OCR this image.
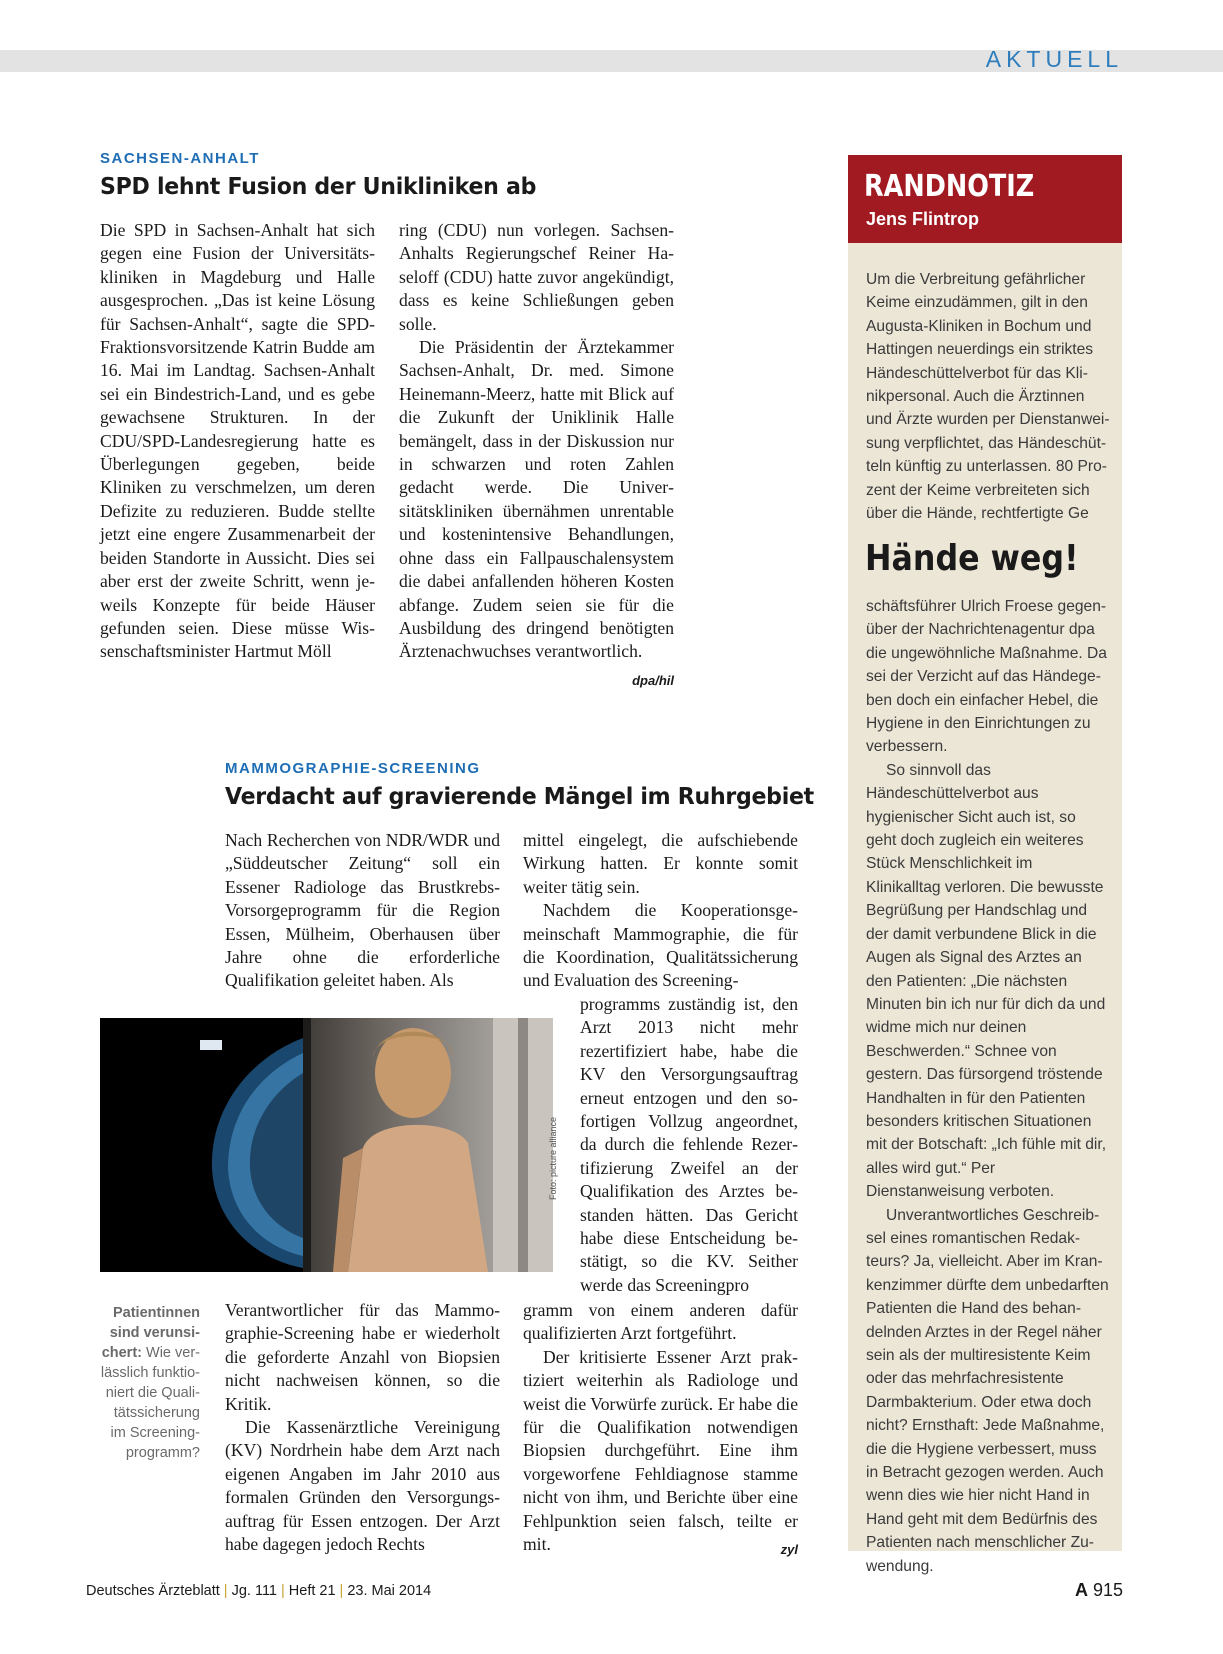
AKTUELL
SACHSEN-ANHALT
SPD lehnt Fusion der Unikliniken ab

Die SPD in Sachsen-Anhalt hat sich gegen eine Fusion der Universitätskliniken in Magdeburg und Halle ausgesprochen. „Das ist keine Lösung für Sachsen-Anhalt“, sagte die SPD-Fraktionsvorsitzende Katrin Budde am 16. Mai im Landtag. Sachsen-Anhalt sei ein Bindestrich-Land, und es gebe gewachsene Strukturen. In der CDU/SPD-Landesregierung hatte es Überlegungen gegeben, beide Kliniken zu verschmelzen, um deren Defizite zu reduzieren. Budde stellte jetzt eine engere Zusammenarbeit der beiden Standorte in Aussicht. Dies sei aber erst der zweite Schritt, wenn jeweils Konzepte für beide Häuser gefunden seien. Diese müsse Wissenschaftsminister Hartmut Möll

ring (CDU) nun vorlegen. Sachsen-Anhalts Regierungschef Reiner Haseloff (CDU) hatte zuvor angekündigt, dass es keine Schließungen geben solle.

Die Präsidentin der Ärztekammer Sachsen-Anhalt, Dr. med. Simone Heinemann-Meerz, hatte mit Blick auf die Zukunft der Uniklinik Halle bemängelt, dass in der Diskussion nur in schwarzen und roten Zahlen gedacht werde. Die Universitätskliniken übernähmen unrentable und kostenintensive Behandlungen, ohne dass ein Fallpauschalensystem die dabei anfallenden höheren Kosten abfange. Zudem seien sie für die Ausbildung des dringend benötigten Ärztenachwuchses verantwortlich.
dpa/hil

MAMMOGRAPHIE-SCREENING
Verdacht auf gravierende Mängel im Ruhrgebiet

Nach Recherchen von NDR/WDR und „Süddeutscher Zeitung“ soll ein Essener Radiologe das Brustkrebs-Vorsorgeprogramm für die Region Essen, Mülheim, Oberhausen über Jahre ohne die erforderliche Qualifikation geleitet haben. Als

mittel eingelegt, die aufschiebende Wirkung hatten. Er konnte somit weiter tätig sein.

Nachdem die Kooperationsgemeinschaft Mammographie, die für die Koordination, Qualitätssicherung und Evaluation des Screening-

programms zuständig ist, den Arzt 2013 nicht mehr rezertifiziert habe, habe die KV den Versorgungsauftrag erneut entzogen und den sofortigen Vollzug angeordnet, da durch die fehlende Rezertifizierung Zweifel an der Qualifikation des Arztes bestanden hätten. Das Gericht habe diese Entscheidung bestätigt, so die KV. Seither werde das Screeningpro

Foto: picture alliance
Patientinnen sind verunsichert: Wie verlässlich funktioniert die Qualitätssicherung im Screeningprogramm?

Verantwortlicher für das Mammographie-Screening habe er wiederholt die geforderte Anzahl von Biopsien nicht nachweisen können, so die Kritik.

Die Kassenärztliche Vereinigung (KV) Nordrhein habe dem Arzt nach eigenen Angaben im Jahr 2010 aus formalen Gründen den Versorgungsauftrag für Essen entzogen. Der Arzt habe dagegen jedoch Rechts

gramm von einem anderen dafür qualifizierten Arzt fortgeführt.

Der kritisierte Essener Arzt praktiziert weiterhin als Radiologe und weist die Vorwürfe zurück. Er habe die für die Qualifikation notwendigen Biopsien durchgeführt. Eine ihm vorgeworfene Fehldiagnose stamme nicht von ihm, und Berichte über eine Fehlpunktion seien falsch, teilte er mit.	zyl

RANDNOTIZ
Jens Flintrop

Um die Verbreitung gefährlicher Keime einzudämmen, gilt in den Augusta-Kliniken in Bochum und Hattingen neuerdings ein striktes Händeschüttelverbot für das Klinikpersonal. Auch die Ärztinnen und Ärzte wurden per Dienstanweisung verpflichtet, das Händeschütteln künftig zu unterlassen. 80 Prozent der Keime verbreiteten sich über die Hände, rechtfertigte Ge

Hände weg!

schäftsführer Ulrich Froese gegenüber der Nachrichtenagentur dpa die ungewöhnliche Maßnahme. Da sei der Verzicht auf das Händegeben doch ein einfacher Hebel, die Hygiene in den Einrichtungen zu verbessern.

So sinnvoll das Händeschüttelverbot aus hygienischer Sicht auch ist, so geht doch zugleich ein weiteres Stück Menschlichkeit im Klinikalltag verloren. Die bewusste Begrüßung per Handschlag und der damit verbundene Blick in die Augen als Signal des Arztes an den Patienten: „Die nächsten Minuten bin ich nur für dich da und widme mich nur deinen Beschwerden.“ Schnee von gestern. Das fürsorgend tröstende Handhalten in für den Patienten besonders kritischen Situationen mit der Botschaft: „Ich fühle mit dir, alles wird gut.“ Per Dienstanweisung verboten.

Unverantwortliches Geschreibsel eines romantischen Redakteurs? Ja, vielleicht. Aber im Krankenzimmer dürfte dem unbedarften Patienten die Hand des behandelnden Arztes in der Regel näher sein als der multiresistente Keim oder das mehrfachresistente Darmbakterium. Oder etwa doch nicht? Ernsthaft: Jede Maßnahme, die die Hygiene verbessert, muss in Betracht gezogen werden. Auch wenn dies wie hier nicht Hand in Hand geht mit dem Bedürfnis des Patienten nach menschlicher Zuwendung.

Deutsches Ärzteblatt | Jg. 111 | Heft 21 | 23. Mai 2014	A 915
